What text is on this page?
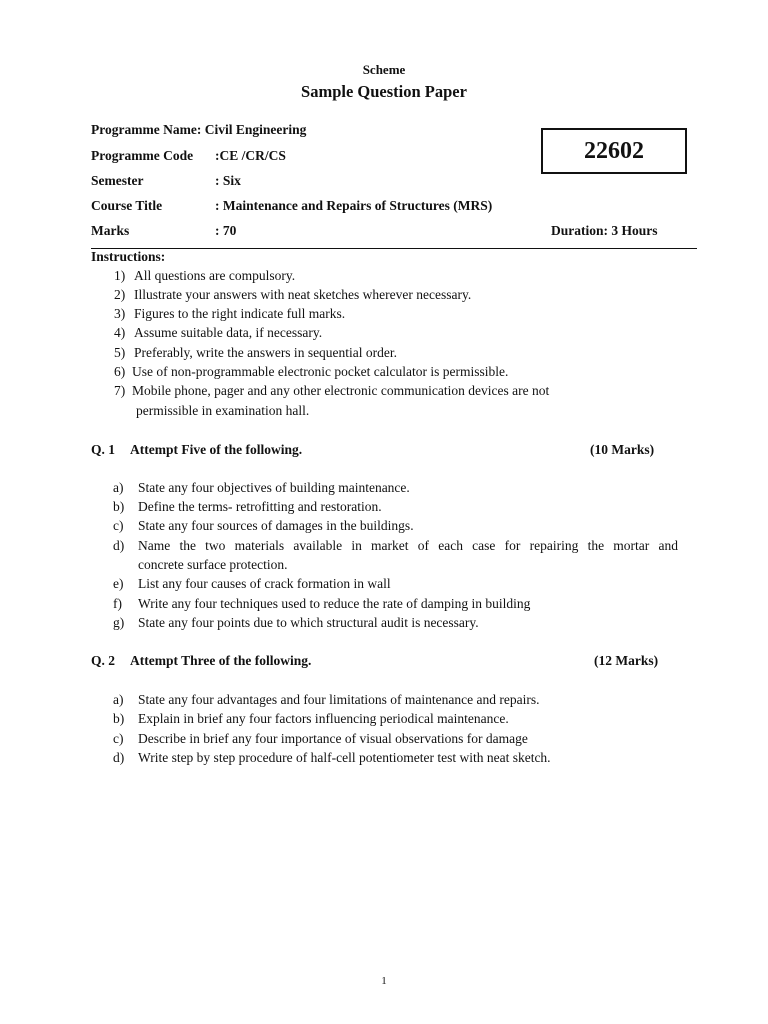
Scheme
Sample Question Paper
Programme Name: Civil Engineering
Programme Code :CE /CR/CS
Semester	: Six
Course Title	: Maintenance and Repairs of Structures (MRS)
Marks	: 70	Duration: 3 Hours
22602
Instructions:
1) All questions are compulsory.
2) Illustrate your answers with neat sketches wherever necessary.
3) Figures to the right indicate full marks.
4) Assume suitable data, if necessary.
5) Preferably, write the answers in sequential order.
6) Use of non-programmable electronic pocket calculator is permissible.
7) Mobile phone, pager and any other electronic communication devices are not
permissible in examination hall.
Q. 1 Attempt Five of the following.	(10 Marks)
a) State any four objectives of building maintenance.
b) Define the terms- retrofitting and restoration.
c) State any four sources of damages in the buildings.
d) Name the two materials available in market of each case for repairing the mortar and
concrete surface protection.
e) List any four causes of crack formation in wall
f) Write any four techniques used to reduce the rate of damping in building
g) State any four points due to which structural audit is necessary.
Q. 2 Attempt Three of the following.	(12 Marks)
a) State any four advantages and four limitations of maintenance and repairs.
b) Explain in brief any four factors influencing periodical maintenance.
c) Describe in brief any four importance of visual observations for damage
d) Write step by step procedure of half-cell potentiometer test with neat sketch.
1
